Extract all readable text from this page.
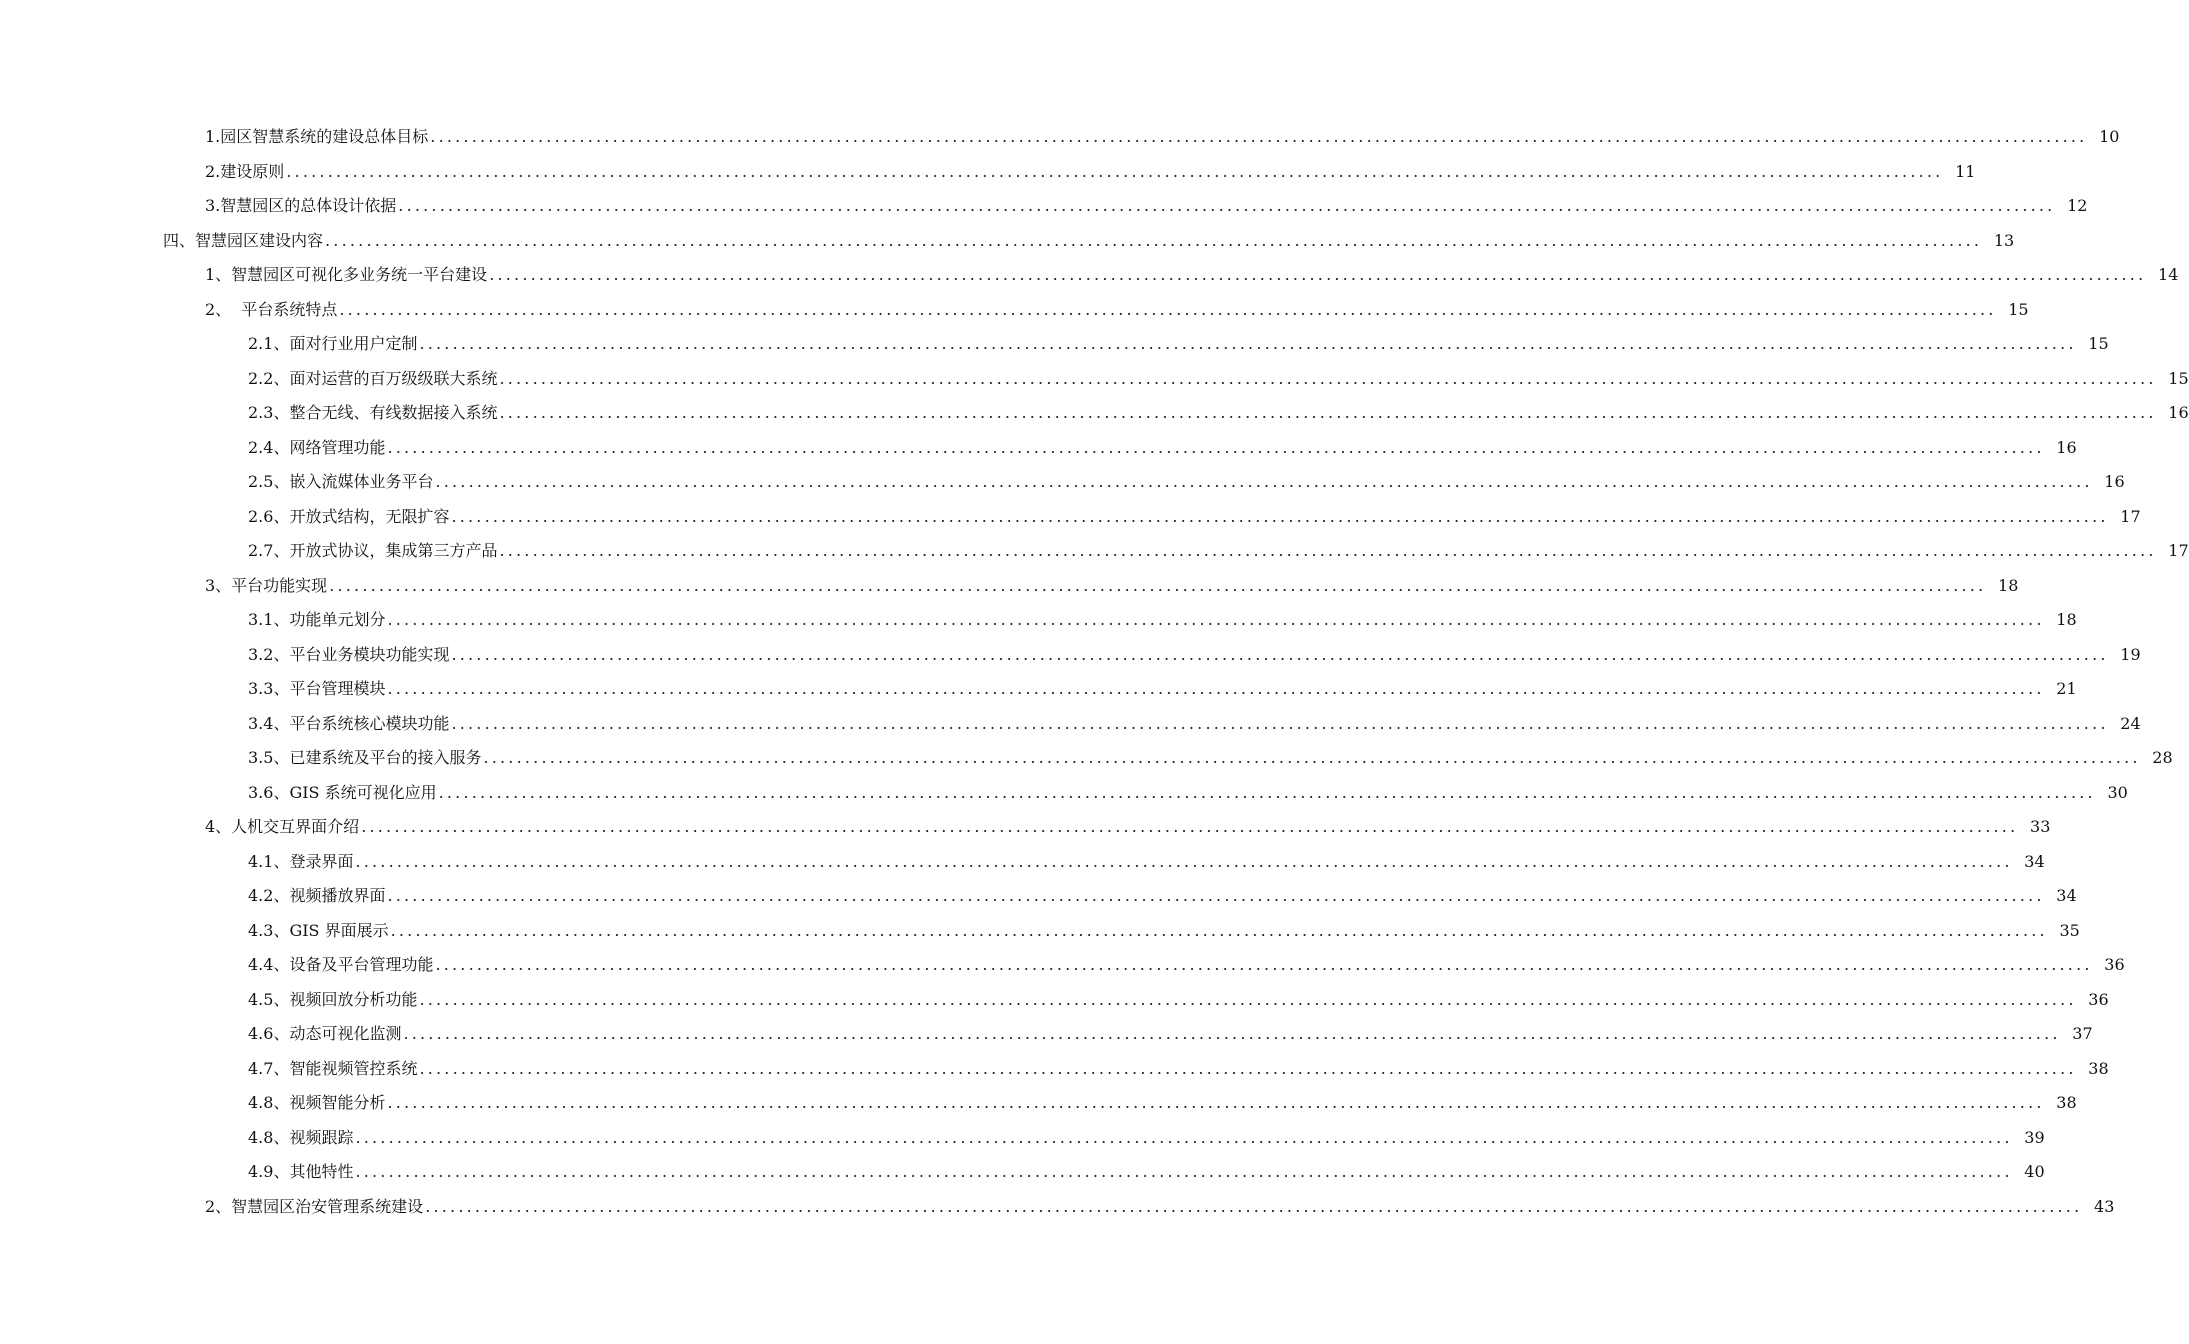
1.园区智慧系统的建设总体目标 ........................................................................................................................................................................................................ 10
2.建设原则 ........................................................................................................................................................................................................ 11
3.智慧园区的总体设计依据 ........................................................................................................................................................................................................ 12
四、智慧园区建设内容 ........................................................................................................................................................................................................ 13
1、智慧园区可视化多业务统一平台建设 ........................................................................................................................................................................................................ 14
2、  平台系统特点 ........................................................................................................................................................................................................ 15
2.1、面对行业用户定制 ........................................................................................................................................................................................................ 15
2.2、面对运营的百万级级联大系统 ........................................................................................................................................................................................................ 15
2.3、整合无线、有线数据接入系统 ........................................................................................................................................................................................................ 16
2.4、网络管理功能 ........................................................................................................................................................................................................ 16
2.5、嵌入流媒体业务平台 ........................................................................................................................................................................................................ 16
2.6、开放式结构，无限扩容 ........................................................................................................................................................................................................ 17
2.7、开放式协议，集成第三方产品 ........................................................................................................................................................................................................ 17
3、平台功能实现 ........................................................................................................................................................................................................ 18
3.1、功能单元划分 ........................................................................................................................................................................................................ 18
3.2、平台业务模块功能实现 ........................................................................................................................................................................................................ 19
3.3、平台管理模块 ........................................................................................................................................................................................................ 21
3.4、平台系统核心模块功能 ........................................................................................................................................................................................................ 24
3.5、已建系统及平台的接入服务 ........................................................................................................................................................................................................ 28
3.6、GIS 系统可视化应用 ........................................................................................................................................................................................................ 30
4、人机交互界面介绍 ........................................................................................................................................................................................................ 33
4.1、登录界面 ........................................................................................................................................................................................................ 34
4.2、视频播放界面 ........................................................................................................................................................................................................ 34
4.3、GIS 界面展示 ........................................................................................................................................................................................................ 35
4.4、设备及平台管理功能 ........................................................................................................................................................................................................ 36
4.5、视频回放分析功能 ........................................................................................................................................................................................................ 36
4.6、动态可视化监测 ........................................................................................................................................................................................................ 37
4.7、智能视频管控系统 ........................................................................................................................................................................................................ 38
4.8、视频智能分析 ........................................................................................................................................................................................................ 38
4.8、视频跟踪 ........................................................................................................................................................................................................ 39
4.9、其他特性 ........................................................................................................................................................................................................ 40
2、智慧园区治安管理系统建设 ........................................................................................................................................................................................................ 43
